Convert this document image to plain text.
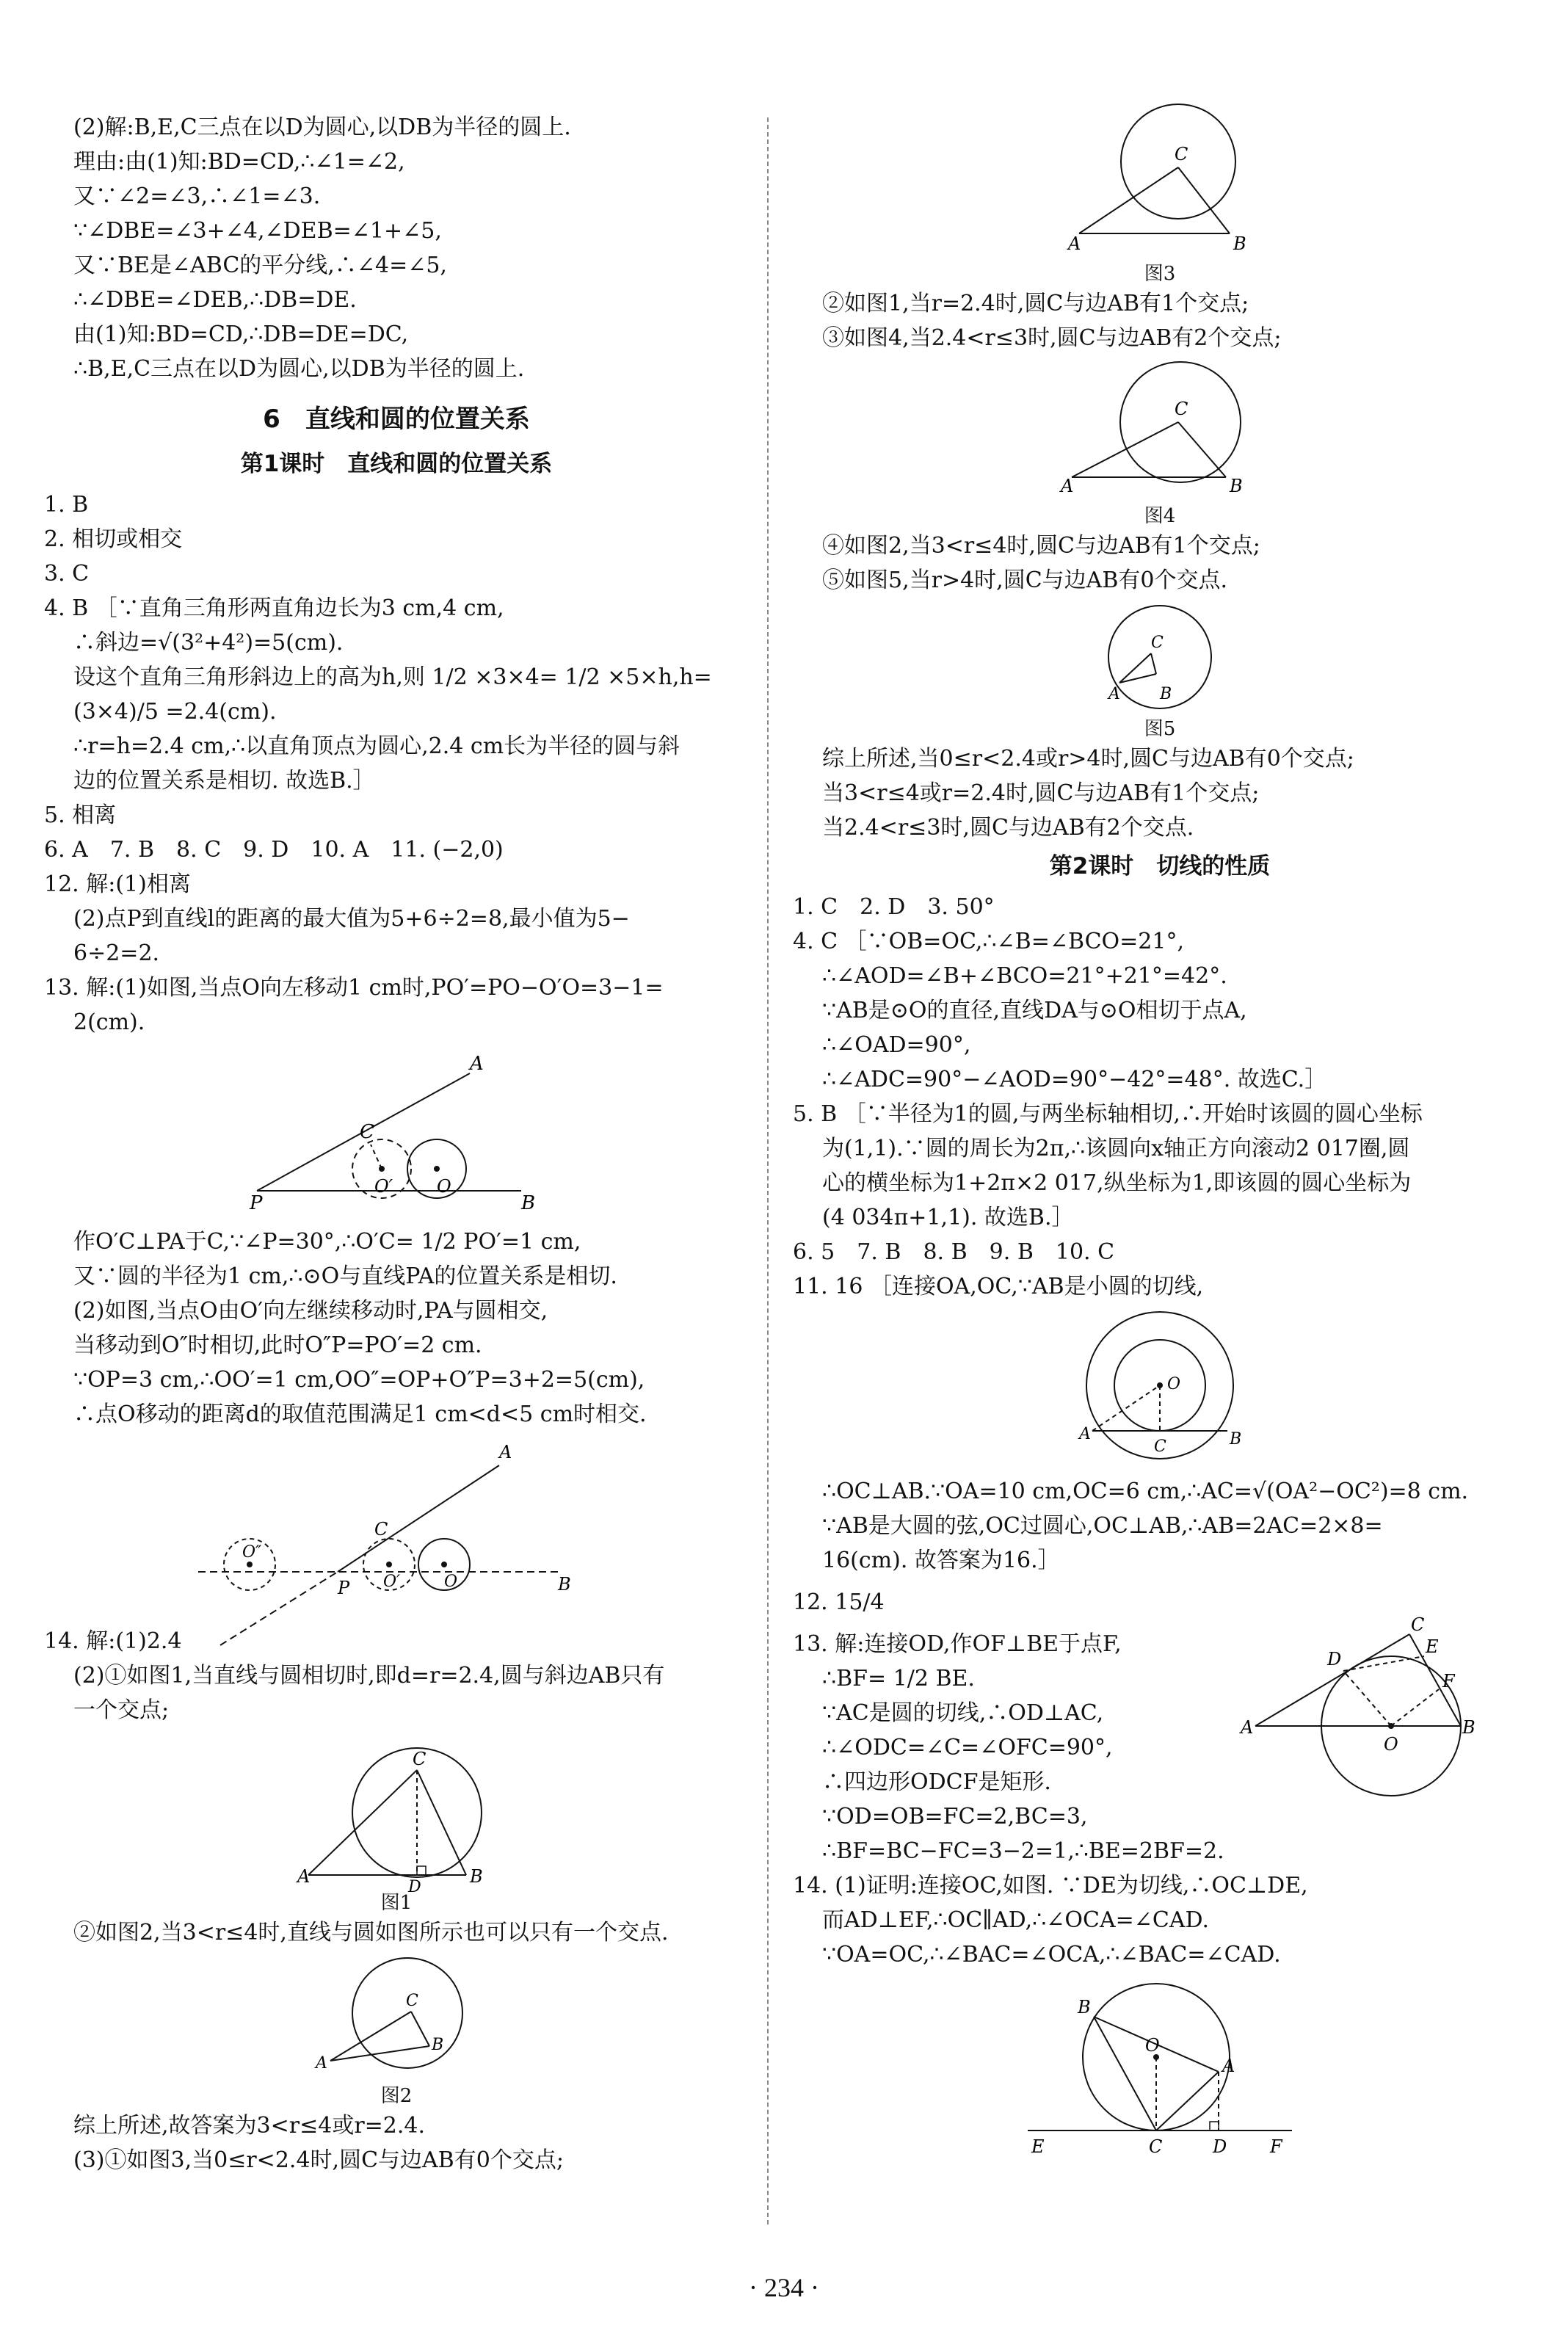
(2)解:B,E,C三点在以D为圆心,以DB为半径的圆上.
理由:由(1)知:BD=CD,∴∠1=∠2,
又∵∠2=∠3,∴∠1=∠3.
∵∠DBE=∠3+∠4,∠DEB=∠1+∠5,
又∵BE是∠ABC的平分线,∴∠4=∠5,
∴∠DBE=∠DEB,∴DB=DE.
由(1)知:BD=CD,∴DB=DE=DC,
∴B,E,C三点在以D为圆心,以DB为半径的圆上.
6　直线和圆的位置关系
第1课时　直线和圆的位置关系
1. B
2. 相切或相交
3. C
4. B ［∵直角三角形两直角边长为3 cm,4 cm,
∴斜边=√(3²+4²)=5(cm).
设这个直角三角形斜边上的高为h,则 1/2 ×3×4= 1/2 ×5×h,h=
(3×4)/5 =2.4(cm).
∴r=h=2.4 cm,∴以直角顶点为圆心,2.4 cm长为半径的圆与斜
边的位置关系是相切. 故选B.］
5. 相离
6. A　7. B　8. C　9. D　10. A　11. (−2,0)
12. 解:(1)相离
(2)点P到直线l的距离的最大值为5+6÷2=8,最小值为5−
6÷2=2.
13. 解:(1)如图,当点O向左移动1 cm时,PO′=PO−O′O=3−1=
2(cm).
P
C
O′ O
B
A
作O′C⊥PA于C,∵∠P=30°,∴O′C= 1/2 PO′=1 cm,
又∵圆的半径为1 cm,∴⊙O与直线PA的位置关系是相切.
(2)如图,当点O由O′向左继续移动时,PA与圆相交,
当移动到O″时相切,此时O″P=PO′=2 cm.
∵OP=3 cm,∴OO′=1 cm,OO″=OP+O″P=3+2=5(cm),
∴点O移动的距离d的取值范围满足1 cm<d<5 cm时相交.
O″
C
P O′	O	B
A
14. 解:(1)2.4
(2)①如图1,当直线与圆相切时,即d=r=2.4,圆与斜边AB只有
一个交点;
A
C
D
B
图1
②如图2,当3<r≤4时,直线与圆如图所示也可以只有一个交点.
A
C
B
图2
综上所述,故答案为3<r≤4或r=2.4.
(3)①如图3,当0≤r<2.4时,圆C与边AB有0个交点;
A
C
B
图3
②如图1,当r=2.4时,圆C与边AB有1个交点;
③如图4,当2.4<r≤3时,圆C与边AB有2个交点;
A
C
B
图4
④如图2,当3<r≤4时,圆C与边AB有1个交点;
⑤如图5,当r>4时,圆C与边AB有0个交点.
A
C
B
图5
综上所述,当0≤r<2.4或r>4时,圆C与边AB有0个交点;
当3<r≤4或r=2.4时,圆C与边AB有1个交点;
当2.4<r≤3时,圆C与边AB有2个交点.
第2课时　切线的性质
1. C　2. D　3. 50°
4. C ［∵OB=OC,∴∠B=∠BCO=21°,
∴∠AOD=∠B+∠BCO=21°+21°=42°.
∵AB是⊙O的直径,直线DA与⊙O相切于点A,
∴∠OAD=90°,
∴∠ADC=90°−∠AOD=90°−42°=48°. 故选C.］
5. B ［∵半径为1的圆,与两坐标轴相切,∴开始时该圆的圆心坐标
为(1,1).∵圆的周长为2π,∴该圆向x轴正方向滚动2 017圈,圆
心的横坐标为1+2π×2 017,纵坐标为1,即该圆的圆心坐标为
(4 034π+1,1). 故选B.］
6. 5　7. B　8. B　9. B　10. C
11. 16 ［连接OA,OC,∵AB是小圆的切线,
A
C	B
O
∴OC⊥AB.∵OA=10 cm,OC=6 cm,∴AC=√(OA²−OC²)=8 cm.
∵AB是大圆的弦,OC过圆心,OC⊥AB,∴AB=2AC=2×8=
16(cm). 故答案为16.］
12. 15/4
13. 解:连接OD,作OF⊥BE于点F,
∴BF= 1/2 BE.
∵AC是圆的切线,∴OD⊥AC,
∴∠ODC=∠C=∠OFC=90°,
∴四边形ODCF是矩形.
∵OD=OB=FC=2,BC=3,
∴BF=BC−FC=3−2=1,∴BE=2BF=2.
A
D
C
E
F
B
O
14. (1)证明:连接OC,如图. ∵DE为切线,∴OC⊥DE,
而AD⊥EF,∴OC∥AD,∴∠OCA=∠CAD.
∵OA=OC,∴∠BAC=∠OCA,∴∠BAC=∠CAD.
B
O
A
E	C	D F
· 234 ·
